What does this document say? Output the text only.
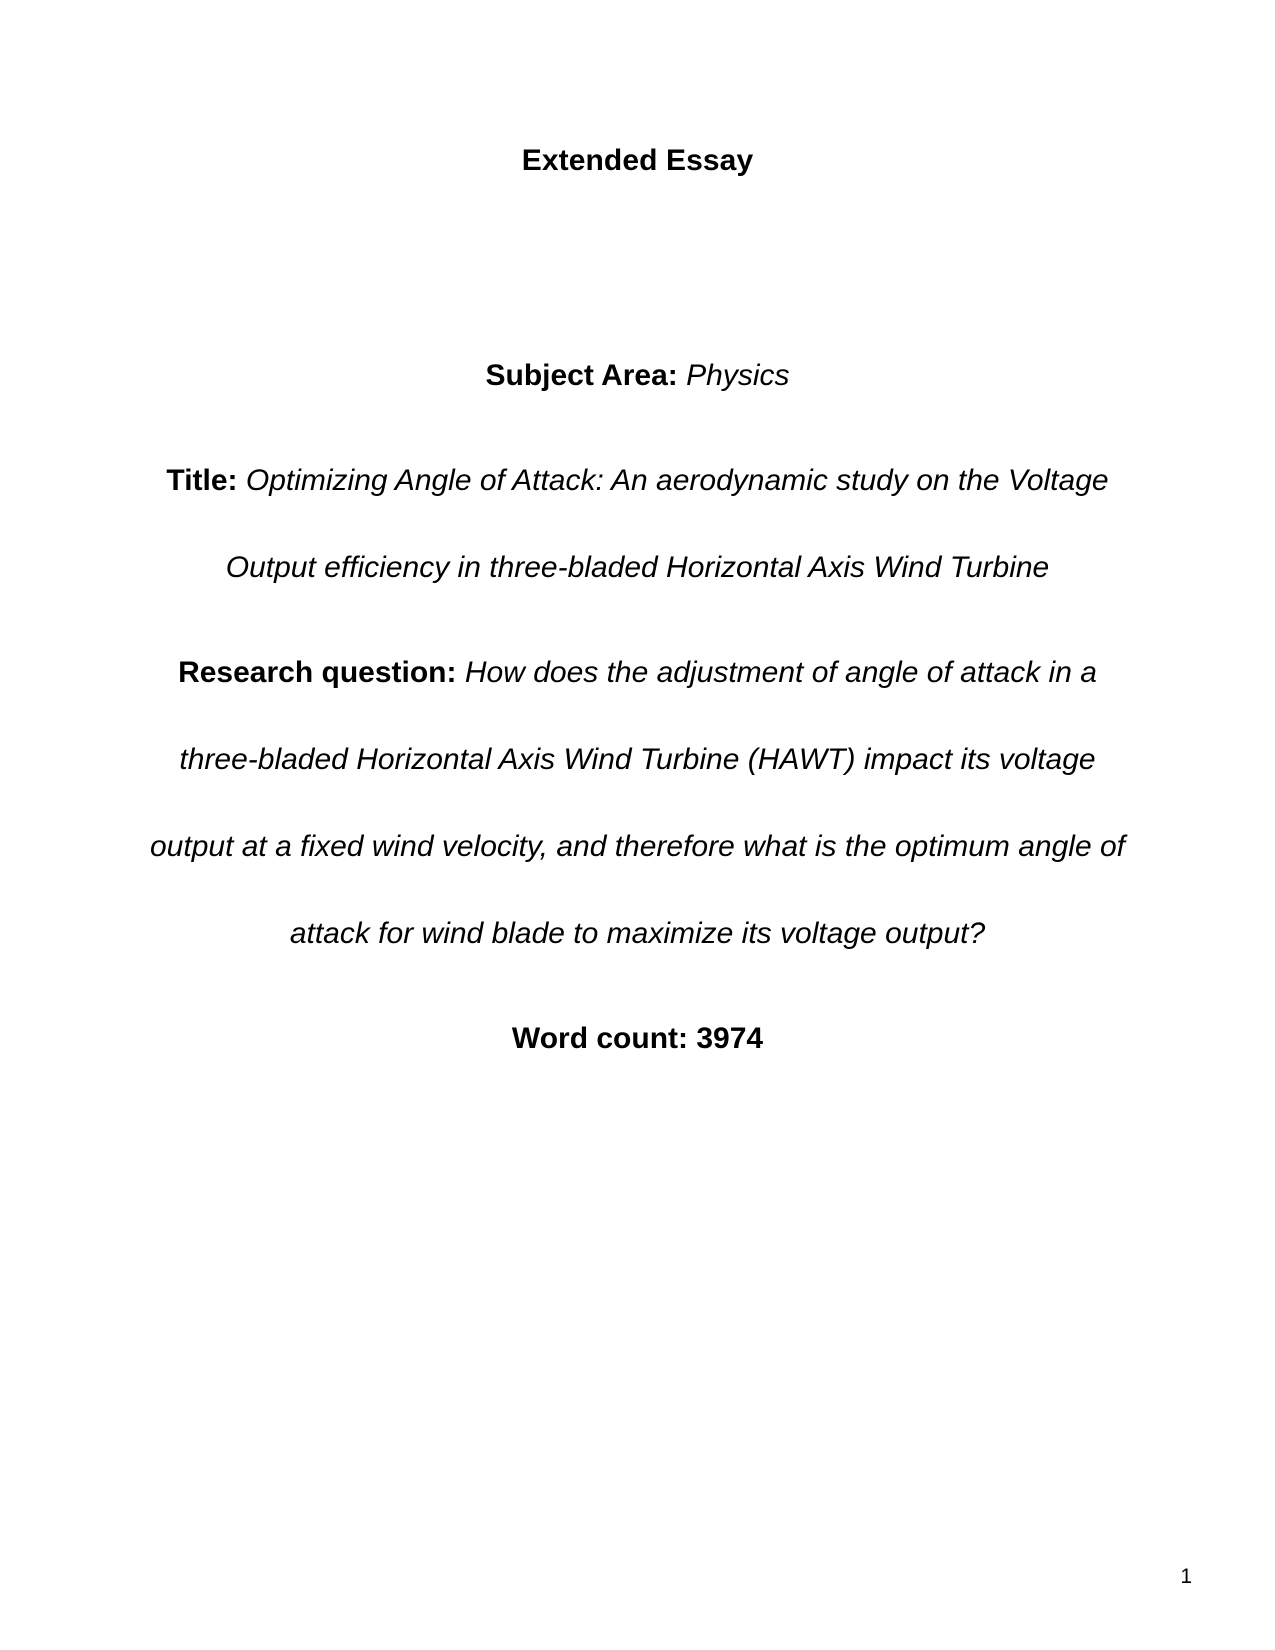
Extended Essay

Subject Area: Physics

Title: Optimizing Angle of Attack: An aerodynamic study on the Voltage Output efficiency in three-bladed Horizontal Axis Wind Turbine

Research question: How does the adjustment of angle of attack in a three-bladed Horizontal Axis Wind Turbine (HAWT) impact its voltage output at a fixed wind velocity, and therefore what is the optimum angle of attack for wind blade to maximize its voltage output?

Word count: 3974

1
